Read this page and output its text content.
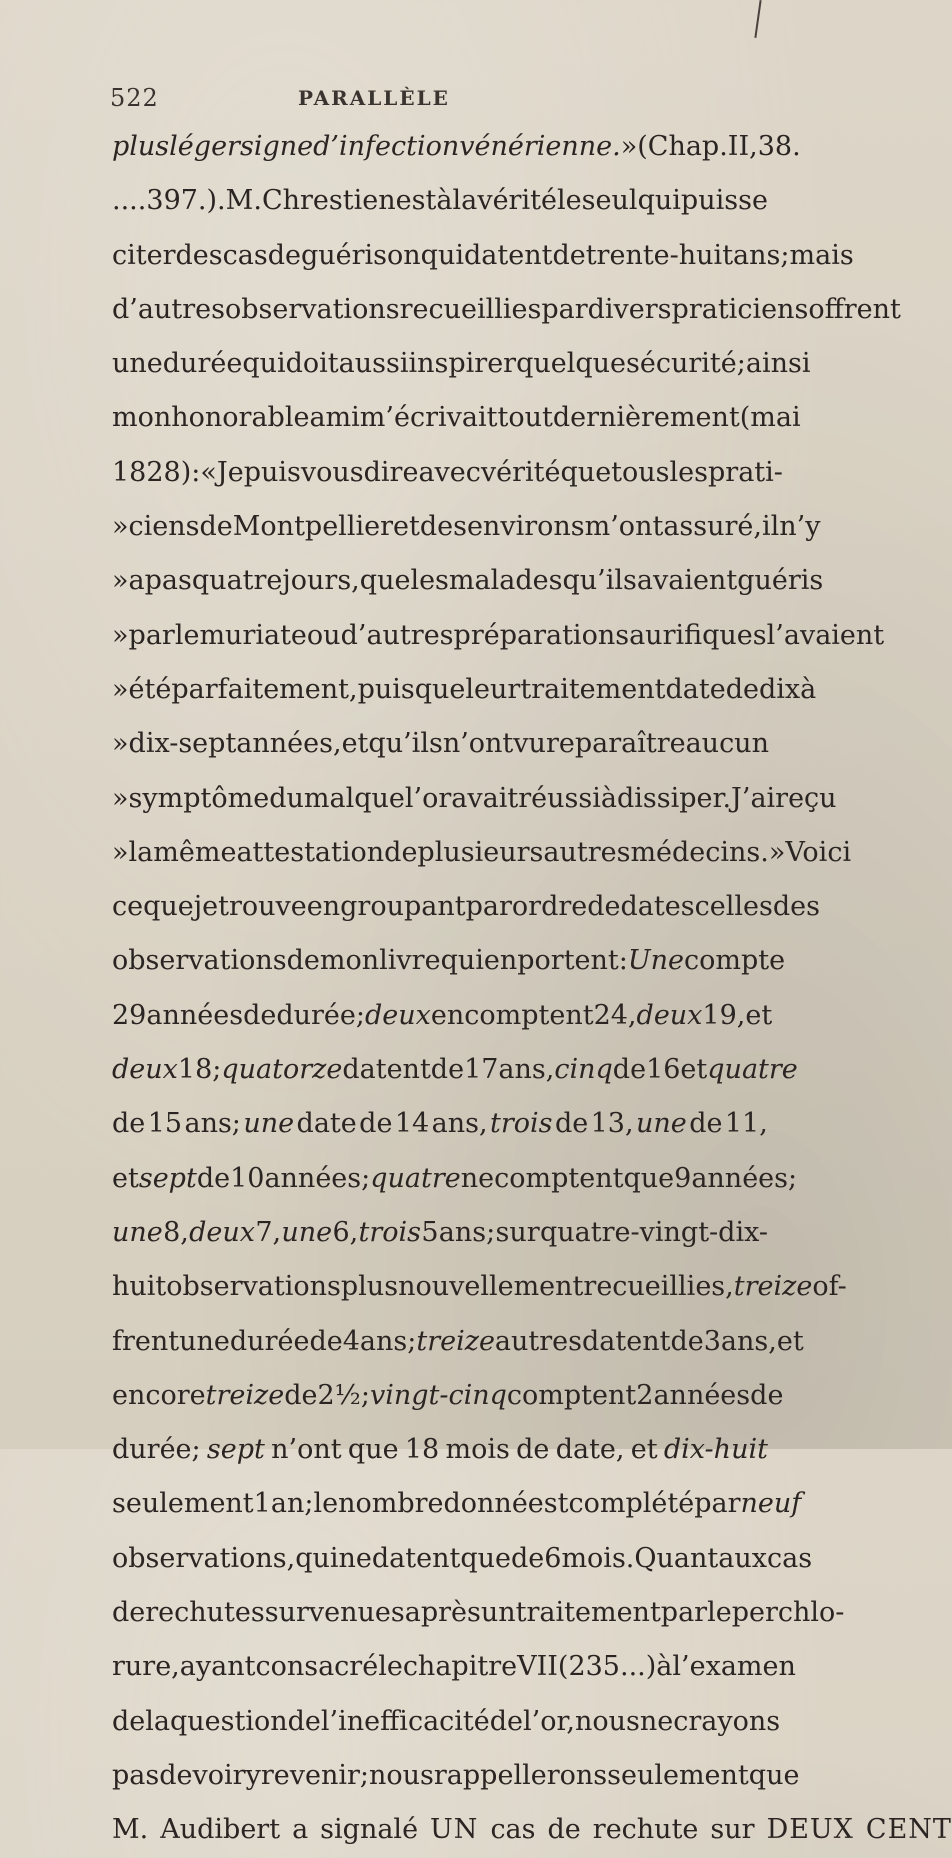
522	PARALLÈLE
plus léger signe d’infection vénérienne. » (Chap. II, 38.
.... 397.). M. Chrestien est à la vérité le seul qui puisse
citer des cas de guérison qui datent de trente-huit ans; mais
d’autres observations recueillies par divers praticiens offrent
une durée qui doit aussi inspirer quelque sécurité; ainsi
mon honorable ami m’écrivait tout dernièrement (mai
1828) : « Je puis vous dire avec vérité que tous les prati-
» ciens de Montpellier et des environs m’ont assuré, il n’y
» a pas quatre jours, que les malades qu’ils avaient guéris
» par le muriate ou d’autres préparations aurifiques l’avaient
» été parfaitement, puisque leur traitement date de dix à
» dix-sept années, et qu’ils n’ont vu reparaître aucun
» symptôme du mal que l’or avait réussi à dissiper. J’ai reçu
» la même attestation de plusieurs autres médecins. » Voici
ce que je trouve en groupant par ordre de dates celles des
observations de mon livre qui en portent : Une compte
29 années de durée; deux en comptent 24, deux 19, et
deux 18; quatorze datent de 17 ans, cinq de 16 et quatre
de 15 ans; une date de 14 ans, trois de 13, une de 11,
et sept de 10 années; quatre ne comptent que 9 années;
une 8, deux 7, une 6, trois 5 ans; sur quatre-vingt-dix-
huit observations plus nouvellement recueillies, treize of-
frent une durée de 4 ans; treize autres datent de 3 ans, et
encore treize de 2 ½; vingt-cinq comptent 2 années de
durée; sept n’ont que 18 mois de date, et dix-huit
seulement 1 an; le nombre donné est complété par neuf
observations, qui ne datent que de 6 mois. Quant aux cas
de rechutes survenues après un traitement par le perchlo-
rure, ayant consacré le chapitre VII (235...) à l’examen
de la question de l’inefficacité de l’or, nous ne crayons
pas devoir y revenir; nous rappellerons seulement que
M. Audibert a signalé UN cas de rechute sur DEUX CENT
